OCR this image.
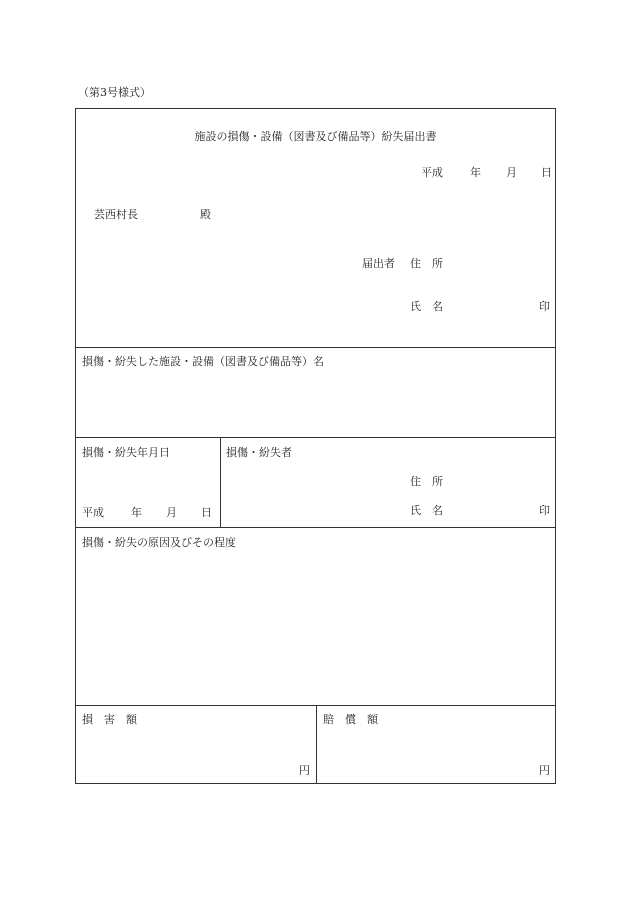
（第3号様式）
施設の損傷・設備（図書及び備品等）紛失届出書
平成 年 月 日
芸西村長	殿
届出者 住　所
氏　名	印
損傷・紛失した施設・設備（図書及び備品等）名
損傷・紛失年月日
平成 年 月 日
損傷・紛失者
住　所
氏　名	印
損傷・紛失の原因及びその程度
損　害　額
円
賠　償　額
円
